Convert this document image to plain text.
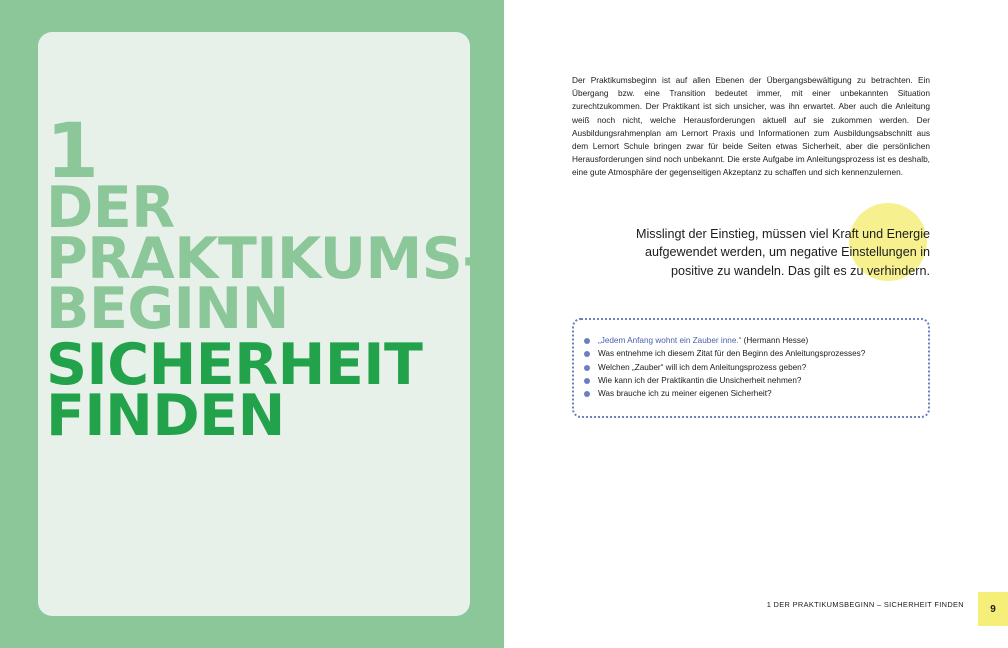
1
DER
PRAKTIKUMS-
BEGINN
SICHERHEIT
FINDEN

Der Praktikumsbeginn ist auf allen Ebenen der Übergangsbewältigung zu betrachten. Ein Übergang bzw. eine Transition bedeutet immer, mit einer unbekannten Situation zurechtzukommen. Der Praktikant ist sich unsicher, was ihn erwartet. Aber auch die Anleitung weiß noch nicht, welche Herausforderungen aktuell auf sie zukommen werden. Der Ausbildungsrahmenplan am Lernort Praxis und Informationen zum Ausbildungsabschnitt aus dem Lernort Schule bringen zwar für beide Seiten etwas Sicherheit, aber die persönlichen Herausforderungen sind noch unbekannt. Die erste Aufgabe im Anleitungsprozess ist es deshalb, eine gute Atmosphäre der gegenseitigen Akzeptanz zu schaffen und sich kennenzulernen.

Misslingt der Einstieg, müssen viel Kraft und Energie aufgewendet werden, um negative Einstellungen in positive zu wandeln. Das gilt es zu verhindern.

„Jedem Anfang wohnt ein Zauber inne.“ (Hermann Hesse)
Was entnehme ich diesem Zitat für den Beginn des Anleitungsprozesses?
Welchen „Zauber“ will ich dem Anleitungsprozess geben?
Wie kann ich der Praktikantin die Unsicherheit nehmen?
Was brauche ich zu meiner eigenen Sicherheit?
1 DER PRAKTIKUMSBEGINN – SICHERHEIT FINDEN	9
